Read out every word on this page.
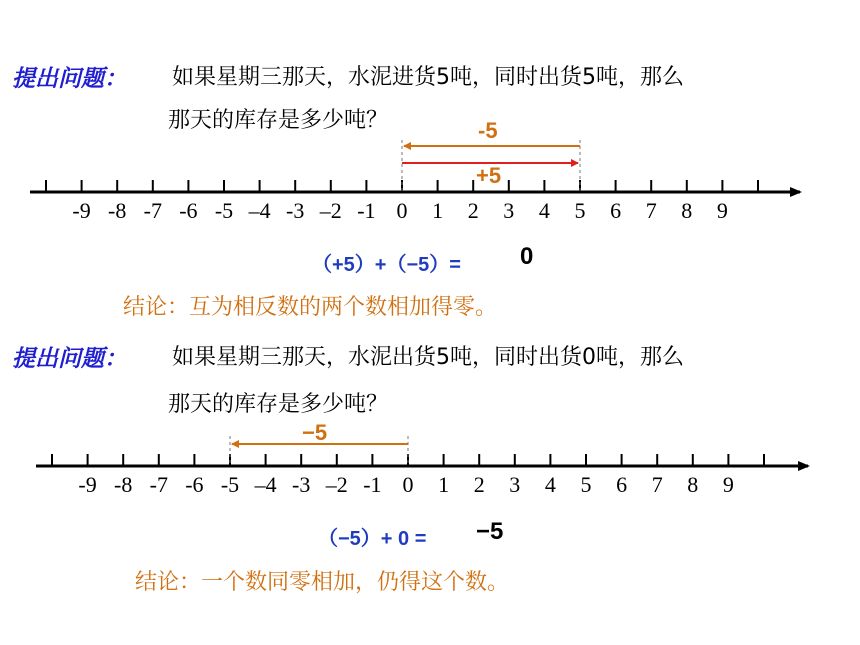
提出问题： 如果星期三那天，水泥进货5吨，同时出货5吨，那么
那天的库存是多少吨？	-5
+5
（+5）+（−5）= 0
结论：互为相反数的两个数相加得零。
提出问题： 如果星期三那天，水泥出货5吨，同时出货0吨，那么
那天的库存是多少吨？
−5
（−5）+ 0 = −5
结论：一个数同零相加，仍得这个数。
-9 -8 -7 -6 -5 –4 -3 –2 -1 0 1 2 3 4 5 6 7 8 9
-9 -8 -7 -6 -5 –4 -3 –2 -1 0 1 2 3 4 5 6 7 8 9
